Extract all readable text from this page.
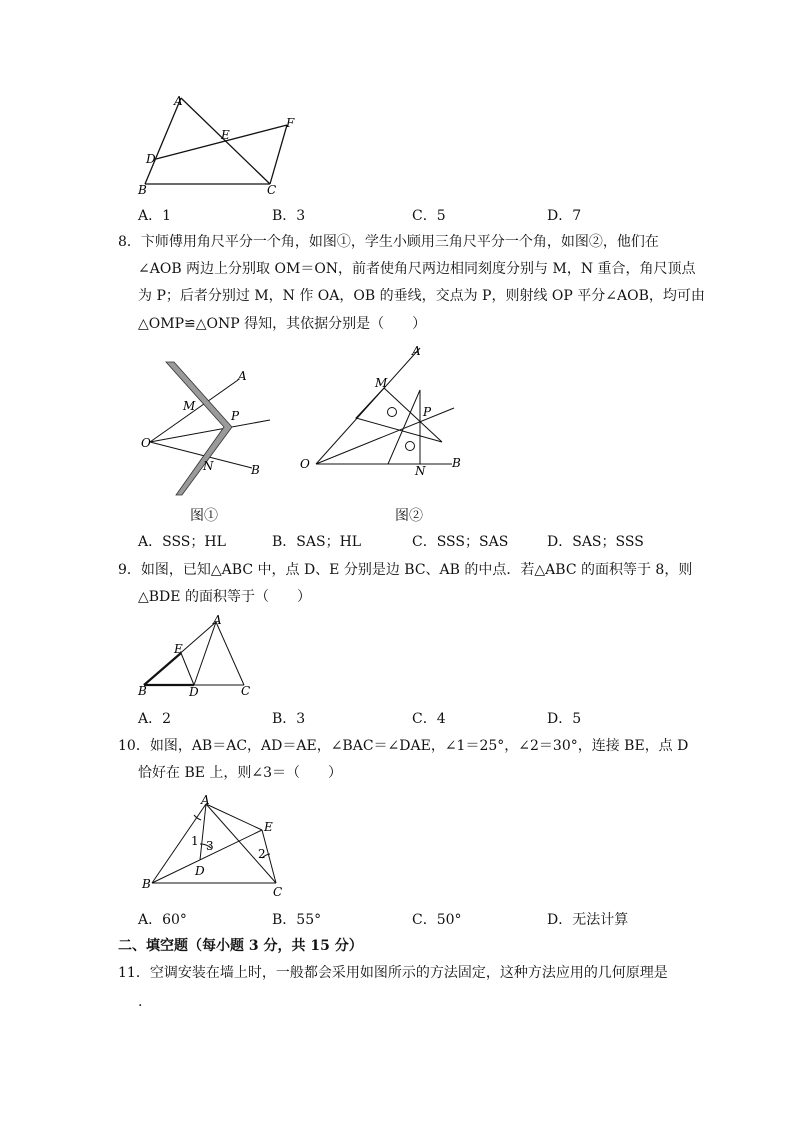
A
E
F
D
B	C
A．1	B．3	C．5	D．7
8．卞师傅用角尺平分一个角，如图①，学生小顾用三角尺平分一个角，如图②，他们在
∠AOB 两边上分别取 OM＝ON，前者使角尺两边相同刻度分别与 M，N 重合，角尺顶点
为 P；后者分别过 M，N 作 OA，OB 的垂线，交点为 P，则射线 OP 平分∠AOB，均可由
△OMP≌△ONP 得知，其依据分别是（　　）
A
M
P
O
N	B
图①
A
M
P
O	N
B
图②
A．SSS；HL	B．SAS；HL	C．SSS；SAS	D．SAS；SSS
9．如图，已知△ABC 中，点 D、E 分别是边 BC、AB 的中点．若△ABC 的面积等于 8，则
△BDE 的面积等于（　　）
A
E
B	D	C
A．2	B．3	C．4	D．5
10．如图，AB＝AC，AD＝AE，∠BAC＝∠DAE，∠1＝25°，∠2＝30°，连接 BE，点 D
恰好在 BE 上，则∠3＝（　　）
A
E
1 3
2
D
B
C
A．60°	B．55°	C．50°	D．无法计算
二、填空题（每小题 3 分，共 15 分）
11．空调安装在墙上时，一般都会采用如图所示的方法固定，这种方法应用的几何原理是
.
